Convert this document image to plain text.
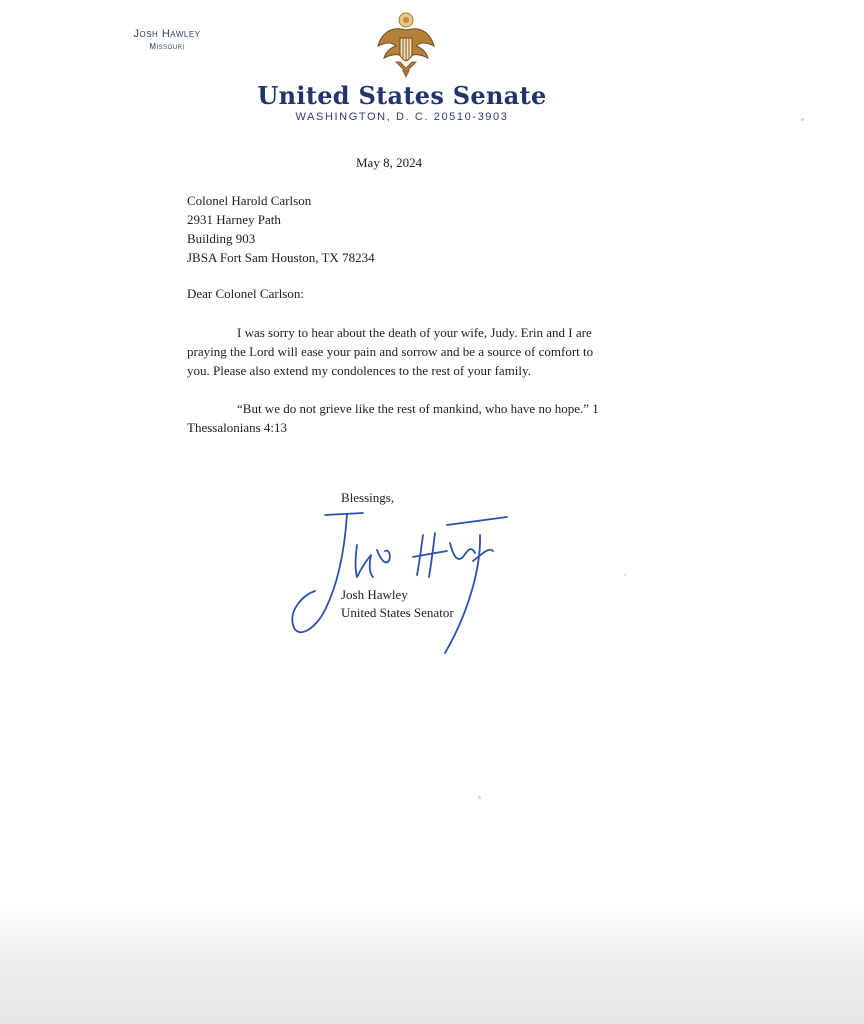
Josh Hawley
Missouri
United States Senate
WASHINGTON, D. C. 20510-3903
May 8, 2024
Colonel Harold Carlson
2931 Harney Path
Building 903
JBSA Fort Sam Houston, TX 78234
Dear Colonel Carlson:

I was sorry to hear about the death of your wife, Judy. Erin and I are praying the Lord will ease your pain and sorrow and be a source of comfort to you. Please also extend my condolences to the rest of your family.

“But we do not grieve like the rest of mankind, who have no hope.” 1 Thessalonians 4:13

Blessings,
Josh Hawley
United States Senator
